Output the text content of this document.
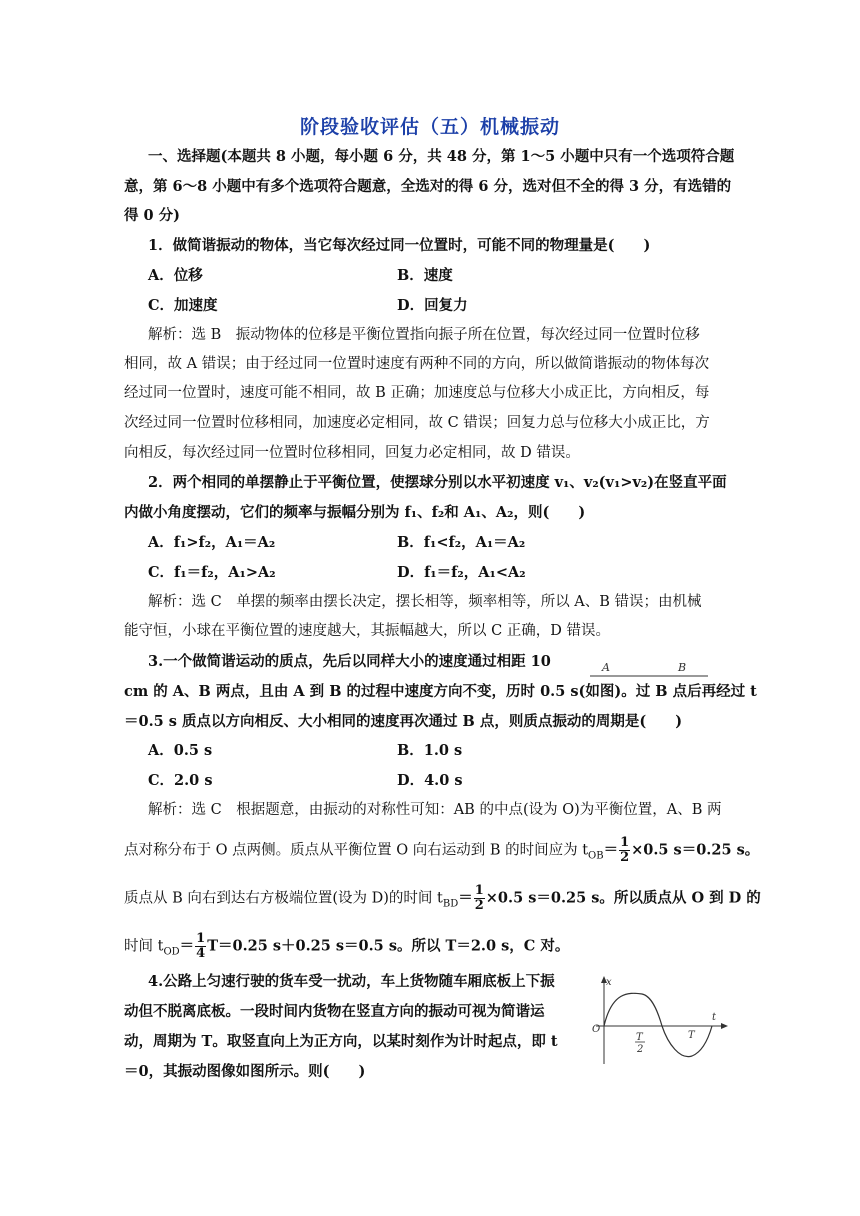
阶段验收评估（五）机械振动
一、选择题(本题共 8 小题，每小题 6 分，共 48 分，第 1～5 小题中只有一个选项符合题
意，第 6～8 小题中有多个选项符合题意，全选对的得 6 分，选对但不全的得 3 分，有选错的
得 0 分)
1．做简谐振动的物体，当它每次经过同一位置时，可能不同的物理量是(　　)
A．位移	B．速度
C．加速度	D．回复力
解析：选 B　振动物体的位移是平衡位置指向振子所在位置，每次经过同一位置时位移
相同，故 A 错误；由于经过同一位置时速度有两种不同的方向，所以做简谐振动的物体每次
经过同一位置时，速度可能不相同，故 B 正确；加速度总与位移大小成正比，方向相反，每
次经过同一位置时位移相同，加速度必定相同，故 C 错误；回复力总与位移大小成正比，方
向相反，每次经过同一位置时位移相同，回复力必定相同，故 D 错误。
2．两个相同的单摆静止于平衡位置，使摆球分别以水平初速度 v₁、v₂(v₁>v₂)在竖直平面
内做小角度摆动，它们的频率与振幅分别为 f₁、f₂和 A₁、A₂，则(　　)
A．f₁>f₂，A₁＝A₂	B．f₁<f₂，A₁＝A₂
C．f₁＝f₂，A₁>A₂	D．f₁＝f₂，A₁<A₂
解析：选 C　单摆的频率由摆长决定，摆长相等，频率相等，所以 A、B 错误；由机械
能守恒，小球在平衡位置的速度越大，其振幅越大，所以 C 正确，D 错误。
3.一个做简谐运动的质点，先后以同样大小的速度通过相距 10	A	B
cm 的 A、B 两点，且由 A 到 B 的过程中速度方向不变，历时 0.5 s(如图)。过 B 点后再经过 t
＝0.5 s 质点以方向相反、大小相同的速度再次通过 B 点，则质点振动的周期是(　　)
A．0.5 s	B．1.0 s
C．2.0 s	D．4.0 s
解析：选 C　根据题意，由振动的对称性可知：AB 的中点(设为 O)为平衡位置，A、B 两
点对称分布于 O 点两侧。质点从平衡位置 O 向右运动到 B 的时间应为 $t_{OB}= \frac{1}{2} \times 0.5$ s＝0.25 s。
质点从 B 向右到达右方极端位置(设为 D)的时间 $t_{BD}= \frac{1}{2} \times 0.5$ s＝0.25 s。所以质点从 O 到 D 的
时间 $t_{OD}= \frac{1}{4} T=0.25$ s＋0.25 s＝0.5 s。所以 T＝2.0 s，C 对。
4.公路上匀速行驶的货车受一扰动，车上货物随车厢底板上下振
动但不脱离底板。一段时间内货物在竖直方向的振动可视为简谐运
动，周期为 T。取竖直向上为正方向，以某时刻作为计时起点，即 t
＝0，其振动图像如图所示。则(　　)
x
O
T
2
T
t
